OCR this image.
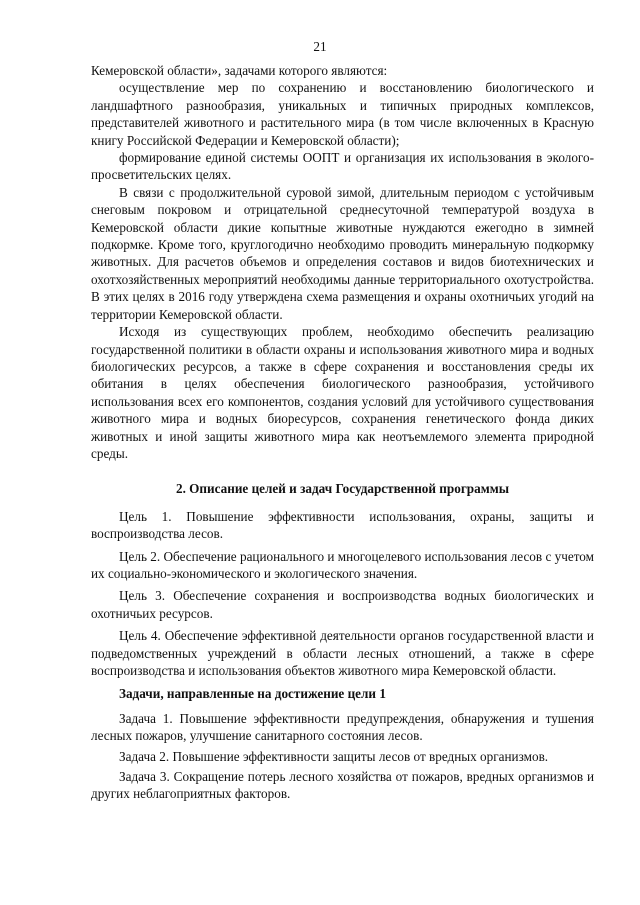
21

Кемеровской области», задачами которого являются:

осуществление мер по сохранению и восстановлению биологического и ландшафтного разнообразия, уникальных и типичных природных комплексов, представителей животного и растительного мира (в том числе включенных в Красную книгу Российской Федерации и Кемеровской области);

формирование единой системы ООПТ и организация их использования в эколого-просветительских целях.

В связи с продолжительной суровой зимой, длительным периодом с устойчивым снеговым покровом и отрицательной среднесуточной температурой воздуха в Кемеровской области дикие копытные животные нуждаются ежегодно в зимней подкормке. Кроме того, круглогодично необходимо проводить минеральную подкормку животных. Для расчетов объемов и определения составов и видов биотехнических и охотхозяйственных мероприятий необходимы данные территориального охотустройства. В этих целях в 2016 году утверждена схема размещения и охраны охотничьих угодий на территории Кемеровской области.

Исходя из существующих проблем, необходимо обеспечить реализацию государственной политики в области охраны и использования животного мира и водных биологических ресурсов, а также в сфере сохранения и восстановления среды их обитания в целях обеспечения биологического разнообразия, устойчивого использования всех его компонентов, создания условий для устойчивого существования животного мира и водных биоресурсов, сохранения генетического фонда диких животных и иной защиты животного мира как неотъемлемого элемента природной среды.

2. Описание целей и задач Государственной программы

Цель 1. Повышение эффективности использования, охраны, защиты и воспроизводства лесов.

Цель 2. Обеспечение рационального и многоцелевого использования лесов с учетом их социально-экономического и экологического значения.

Цель 3. Обеспечение сохранения и воспроизводства водных биологических и охотничьих ресурсов.

Цель 4. Обеспечение эффективной деятельности органов государственной власти и подведомственных учреждений в области лесных отношений, а также в сфере воспроизводства и использования объектов животного мира Кемеровской области.

Задачи, направленные на достижение цели 1

Задача 1. Повышение эффективности предупреждения, обнаружения и тушения лесных пожаров, улучшение санитарного состояния лесов.

Задача 2. Повышение эффективности защиты лесов от вредных организмов.

Задача 3. Сокращение потерь лесного хозяйства от пожаров, вредных организмов и других неблагоприятных факторов.
